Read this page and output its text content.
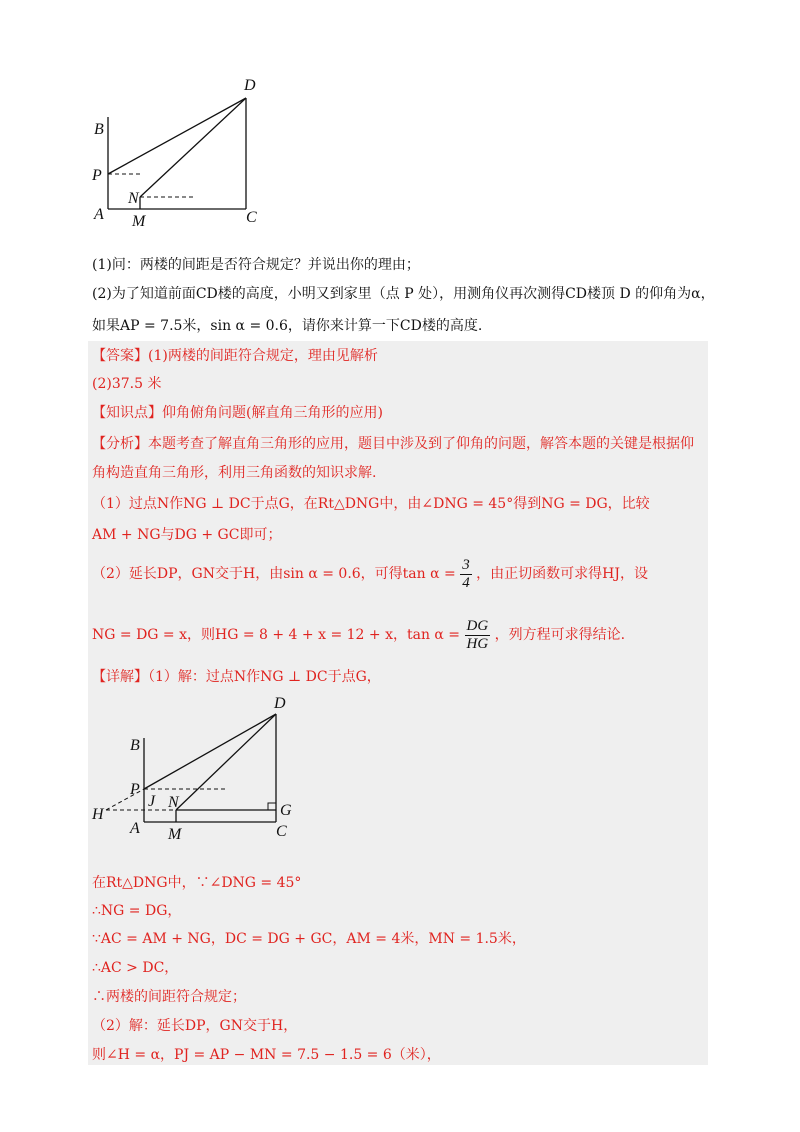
D
B
P
N
A M	C
(1)问：两楼的间距是否符合规定？并说出你的理由；
(2)为了知道前面CD楼的高度，小明又到家里（点 P 处），用测角仪再次测得CD楼顶 D 的仰角为α，
如果AP = 7.5米，sin α = 0.6，请你来计算一下CD楼的高度.
【答案】(1)两楼的间距符合规定，理由见解析
(2)37.5 米
【知识点】仰角俯角问题(解直角三角形的应用)
【分析】本题考查了解直角三角形的应用，题目中涉及到了仰角的问题，解答本题的关键是根据仰
角构造直角三角形，利用三角函数的知识求解.
（1）过点N作NG ⊥ DC于点G，在Rt△DNG中，由∠DNG = 45°得到NG = DG，比较
AM + NG与DG + GC即可；
（2）延长DP，GN交于H，由sin α = 0.6，可得$\tan \alpha = \frac{3}{4}$ ，由正切函数可求得HJ，设
NG = DG = x，则HG = 8 + 4 + x = 12 + x，$\tan \alpha = \frac{DG}{HG}$ ，列方程可求得结论.
【详解】（1）解：过点N作NG ⊥ DC于点G，
D
B
P
J N
H
A M
G
C
在Rt△DNG中，∵∠DNG = 45°
∴NG = DG，
∵AC = AM + NG，DC = DG + GC，AM = 4米，MN = 1.5米，
∴AC > DC，
∴两楼的间距符合规定；
（2）解：延长DP，GN交于H，
则∠H = α，PJ = AP − MN = 7.5 − 1.5 = 6（米），
